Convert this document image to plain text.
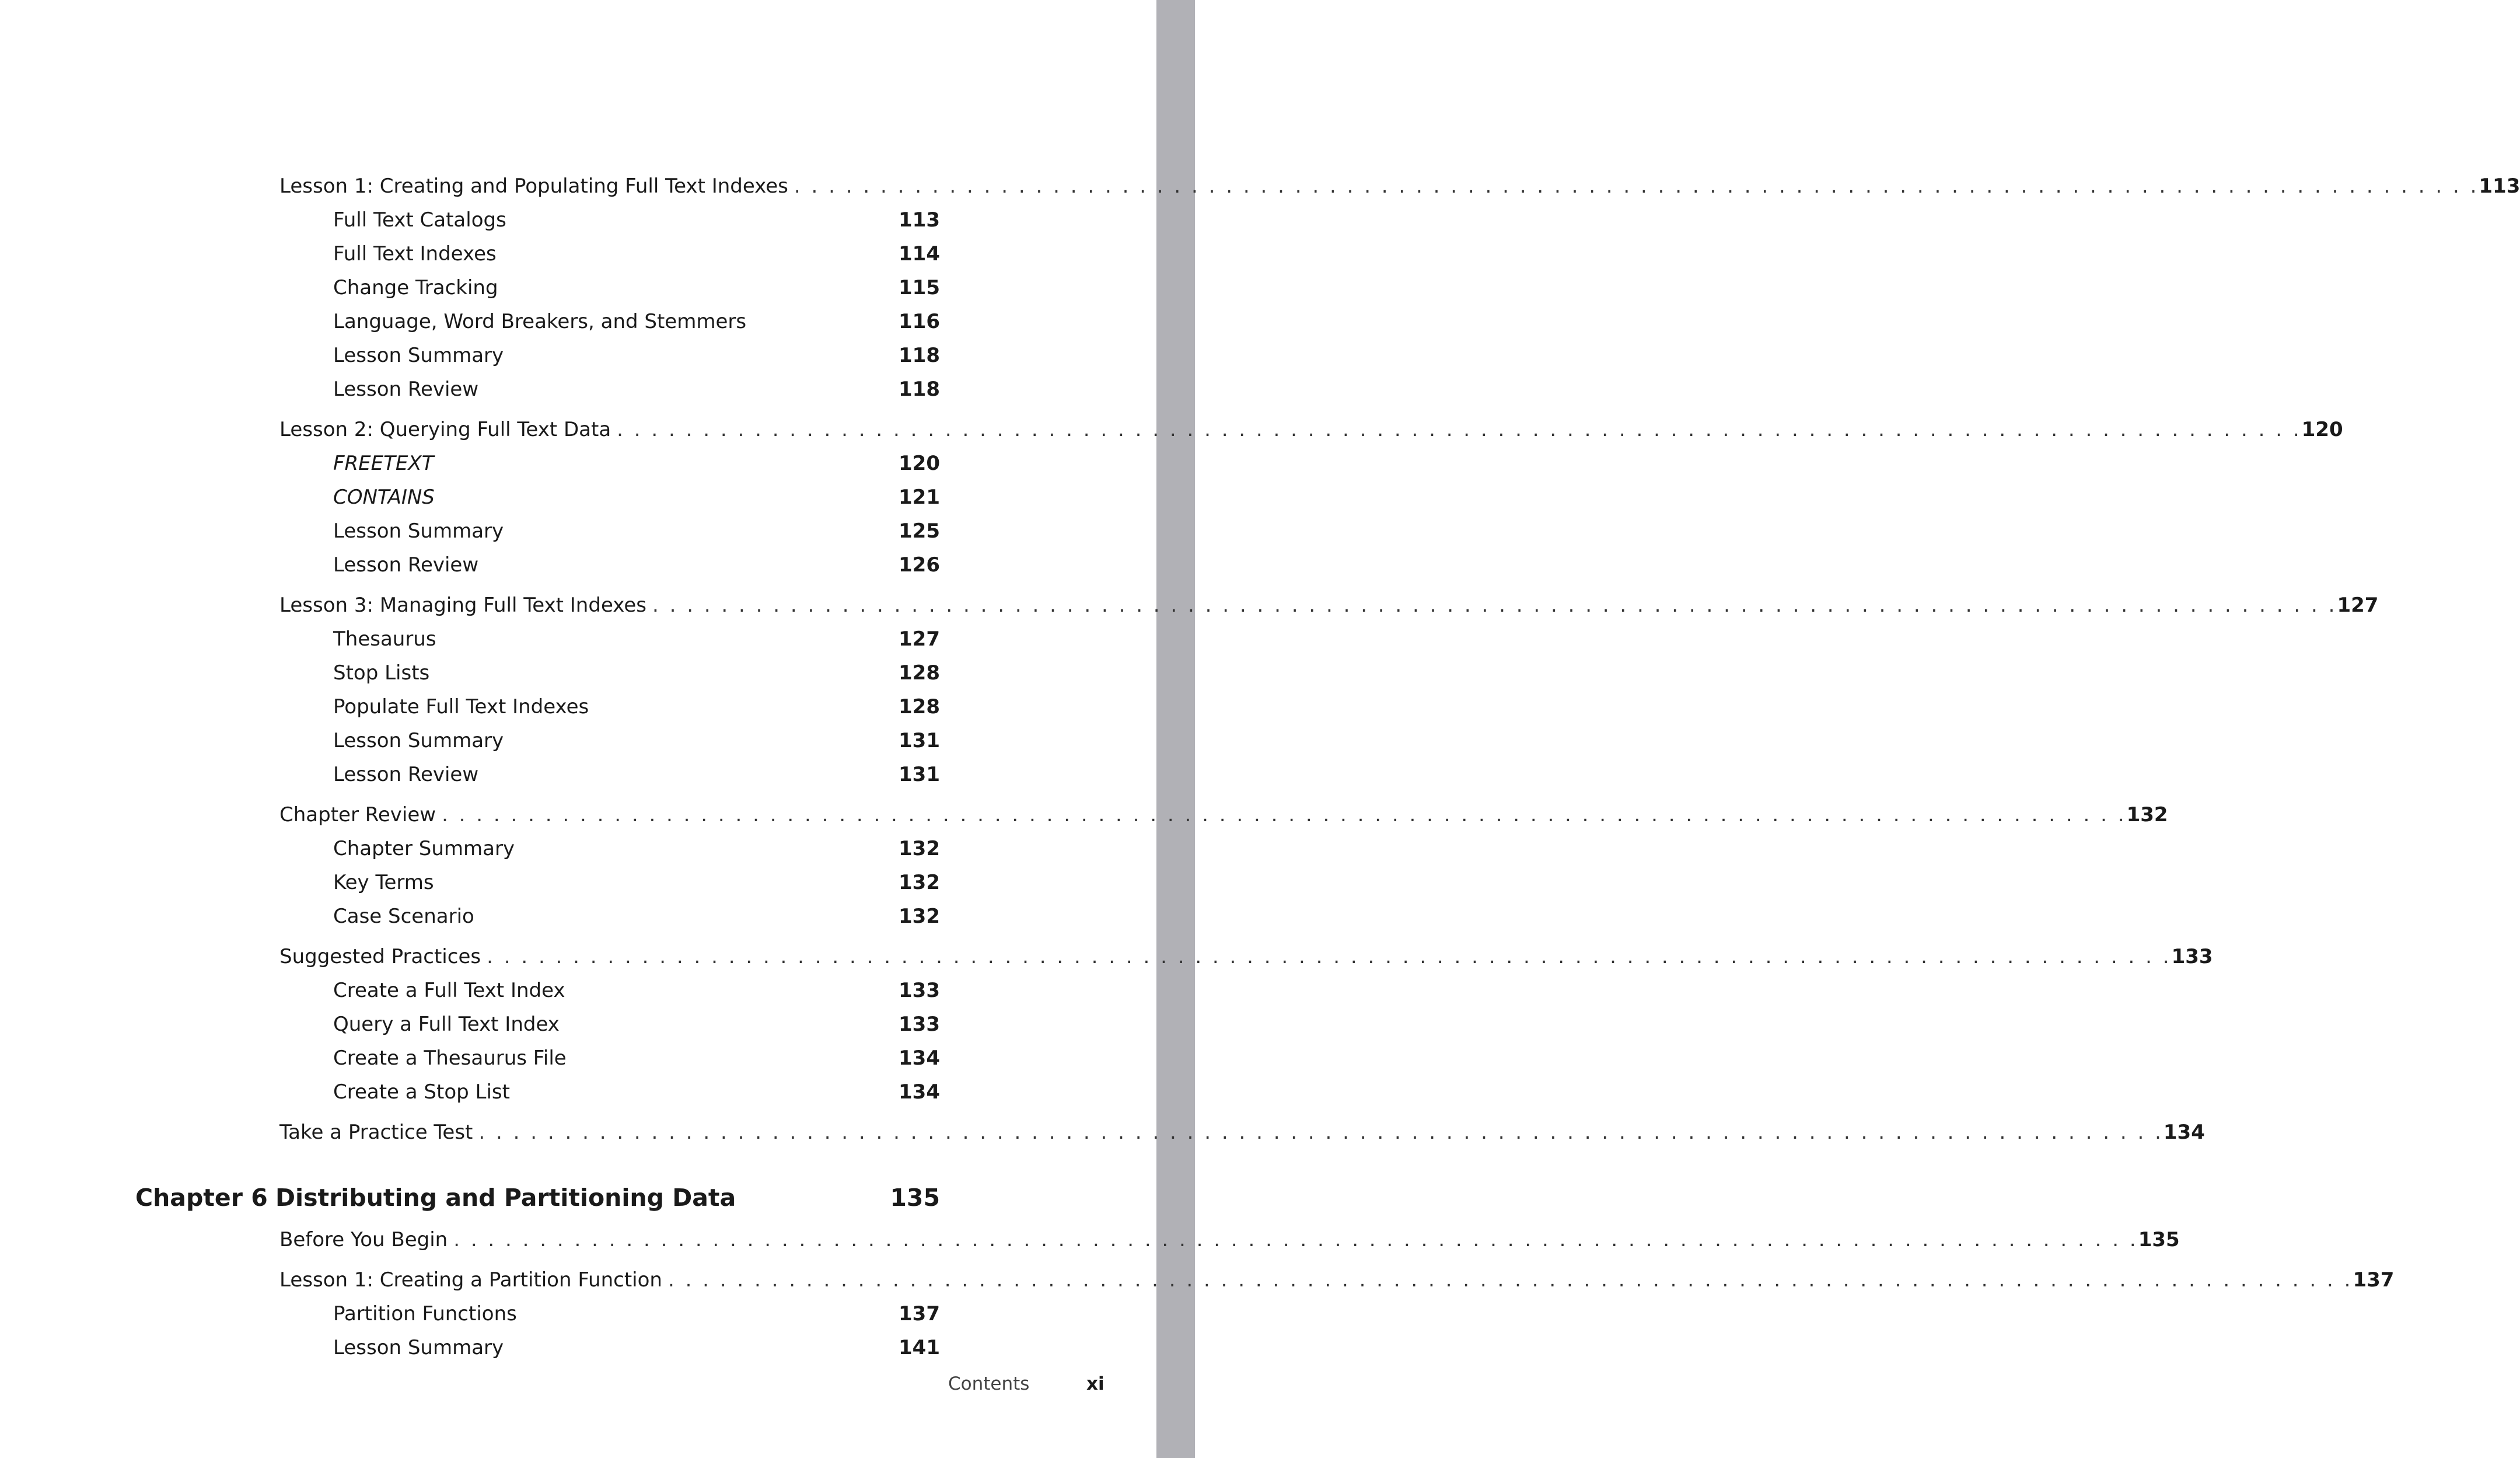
Lesson 1: Creating and Populating Full Text Indexes . . . . . . . . . . . . . . . . . . . . . . . . . . . . . . . . . . . . . . . . . . . . . . . . . . . . . . . . . . . . . . . . . . . . . . . . . . . . . . . . . . . . . . . . . . . . . . . . . . 113
Full Text Catalogs	113
Full Text Indexes	114
Change Tracking	115
Language, Word Breakers, and Stemmers	116
Lesson Summary	118
Lesson Review	118
Lesson 2: Querying Full Text Data . . . . . . . . . . . . . . . . . . . . . . . . . . . . . . . . . . . . . . . . . . . . . . . . . . . . . . . . . . . . . . . . . . . . . . . . . . . . . . . . . . . . . . . . . . . . . . . . . . 120
FREETEXT	120
CONTAINS	121
Lesson Summary	125
Lesson Review	126
Lesson 3: Managing Full Text Indexes . . . . . . . . . . . . . . . . . . . . . . . . . . . . . . . . . . . . . . . . . . . . . . . . . . . . . . . . . . . . . . . . . . . . . . . . . . . . . . . . . . . . . . . . . . . . . . . . . . 127
Thesaurus	127
Stop Lists	128
Populate Full Text Indexes	128
Lesson Summary	131
Lesson Review	131
Chapter Review . . . . . . . . . . . . . . . . . . . . . . . . . . . . . . . . . . . . . . . . . . . . . . . . . . . . . . . . . . . . . . . . . . . . . . . . . . . . . . . . . . . . . . . . . . . . . . . . . . 132
Chapter Summary	132
Key Terms	132
Case Scenario	132
Suggested Practices . . . . . . . . . . . . . . . . . . . . . . . . . . . . . . . . . . . . . . . . . . . . . . . . . . . . . . . . . . . . . . . . . . . . . . . . . . . . . . . . . . . . . . . . . . . . . . . . . . 133
Create a Full Text Index	133
Query a Full Text Index	133
Create a Thesaurus File	134
Create a Stop List	134
Take a Practice Test . . . . . . . . . . . . . . . . . . . . . . . . . . . . . . . . . . . . . . . . . . . . . . . . . . . . . . . . . . . . . . . . . . . . . . . . . . . . . . . . . . . . . . . . . . . . . . . . . . 134
Chapter 6 Distributing and Partitioning Data	135
Before You Begin . . . . . . . . . . . . . . . . . . . . . . . . . . . . . . . . . . . . . . . . . . . . . . . . . . . . . . . . . . . . . . . . . . . . . . . . . . . . . . . . . . . . . . . . . . . . . . . . . . 135
Lesson 1: Creating a Partition Function . . . . . . . . . . . . . . . . . . . . . . . . . . . . . . . . . . . . . . . . . . . . . . . . . . . . . . . . . . . . . . . . . . . . . . . . . . . . . . . . . . . . . . . . . . . . . . . . . . 137
Partition Functions	137
Lesson Summary	141
Contents	xi
